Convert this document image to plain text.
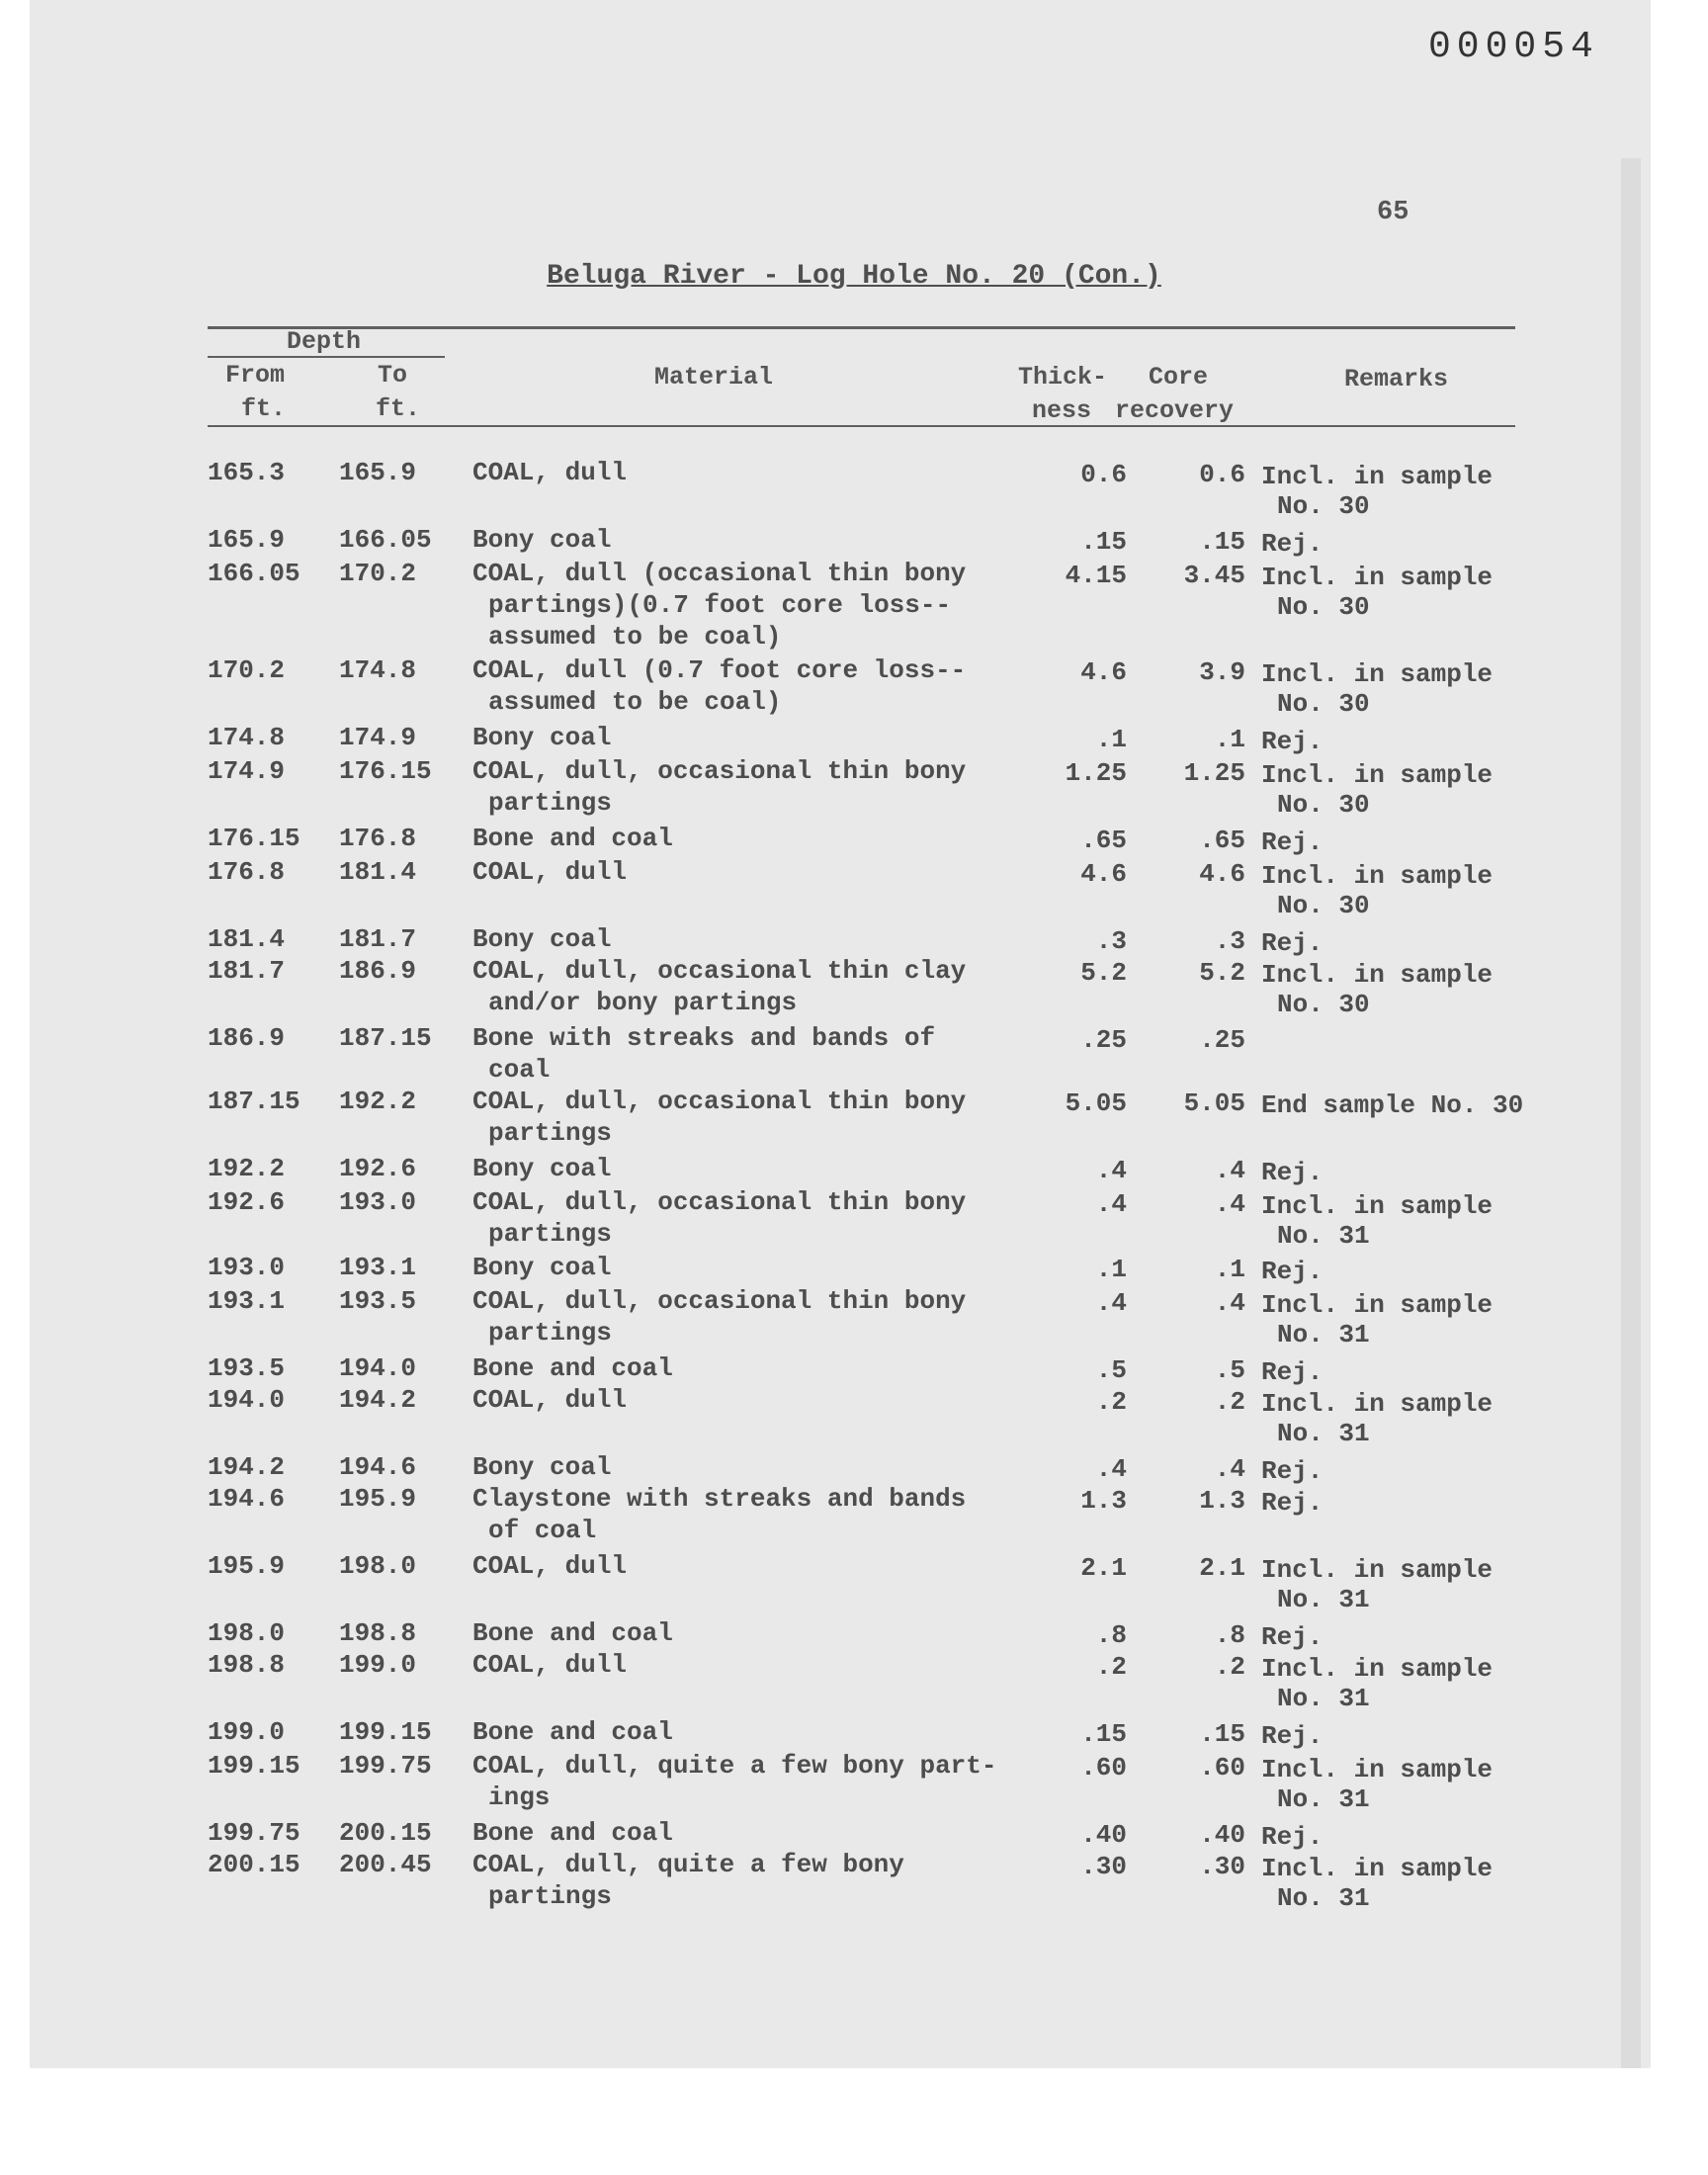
000054
65
Beluga River - Log Hole No. 20 (Con.)
Depth
From	To
ft.	ft.
Material	Thick-
ness
Core
recovery
Remarks
165.3 165.9 COAL, dull	0.6	0.6 Incl. in sample
No. 30
165.9 166.05 Bony coal	.15	.15 Rej.
166.05 170.2 COAL, dull (occasional thin bony
partings)(0.7 foot core loss--
assumed to be coal)
4.15	3.45 Incl. in sample
No. 30
170.2 174.8 COAL, dull (0.7 foot core loss--
assumed to be coal)
4.6	3.9 Incl. in sample
No. 30
174.8 174.9 Bony coal	.1	.1 Rej.
174.9 176.15 COAL, dull, occasional thin bony
partings
1.25	1.25 Incl. in sample
No. 30
176.15 176.8 Bone and coal	.65	.65 Rej.
176.8 181.4 COAL, dull	4.6	4.6 Incl. in sample
No. 30
181.4 181.7 Bony coal	.3	.3 Rej.
181.7 186.9 COAL, dull, occasional thin clay
and/or bony partings
5.2	5.2 Incl. in sample
No. 30
186.9 187.15 Bone with streaks and bands of
coal
.25	.25
187.15 192.2 COAL, dull, occasional thin bony
partings
5.05	5.05 End sample No. 30
192.2 192.6 Bony coal	.4	.4 Rej.
192.6 193.0 COAL, dull, occasional thin bony
partings
.4	.4 Incl. in sample
No. 31
193.0 193.1 Bony coal	.1	.1 Rej.
193.1 193.5 COAL, dull, occasional thin bony
partings
.4	.4 Incl. in sample
No. 31
193.5 194.0 Bone and coal	.5	.5 Rej.
194.0 194.2 COAL, dull	.2	.2 Incl. in sample
No. 31
194.2 194.6 Bony coal	.4	.4 Rej.
194.6 195.9 Claystone with streaks and bands
of coal
1.3	1.3 Rej.
195.9 198.0 COAL, dull	2.1	2.1 Incl. in sample
No. 31
198.0 198.8 Bone and coal	.8	.8 Rej.
198.8 199.0 COAL, dull	.2	.2 Incl. in sample
No. 31
199.0 199.15 Bone and coal	.15	.15 Rej.
199.15 199.75 COAL, dull, quite a few bony part-
ings
.60	.60 Incl. in sample
No. 31
199.75 200.15 Bone and coal	.40	.40 Rej.
200.15 200.45 COAL, dull, quite a few bony
partings
.30	.30 Incl. in sample
No. 31
